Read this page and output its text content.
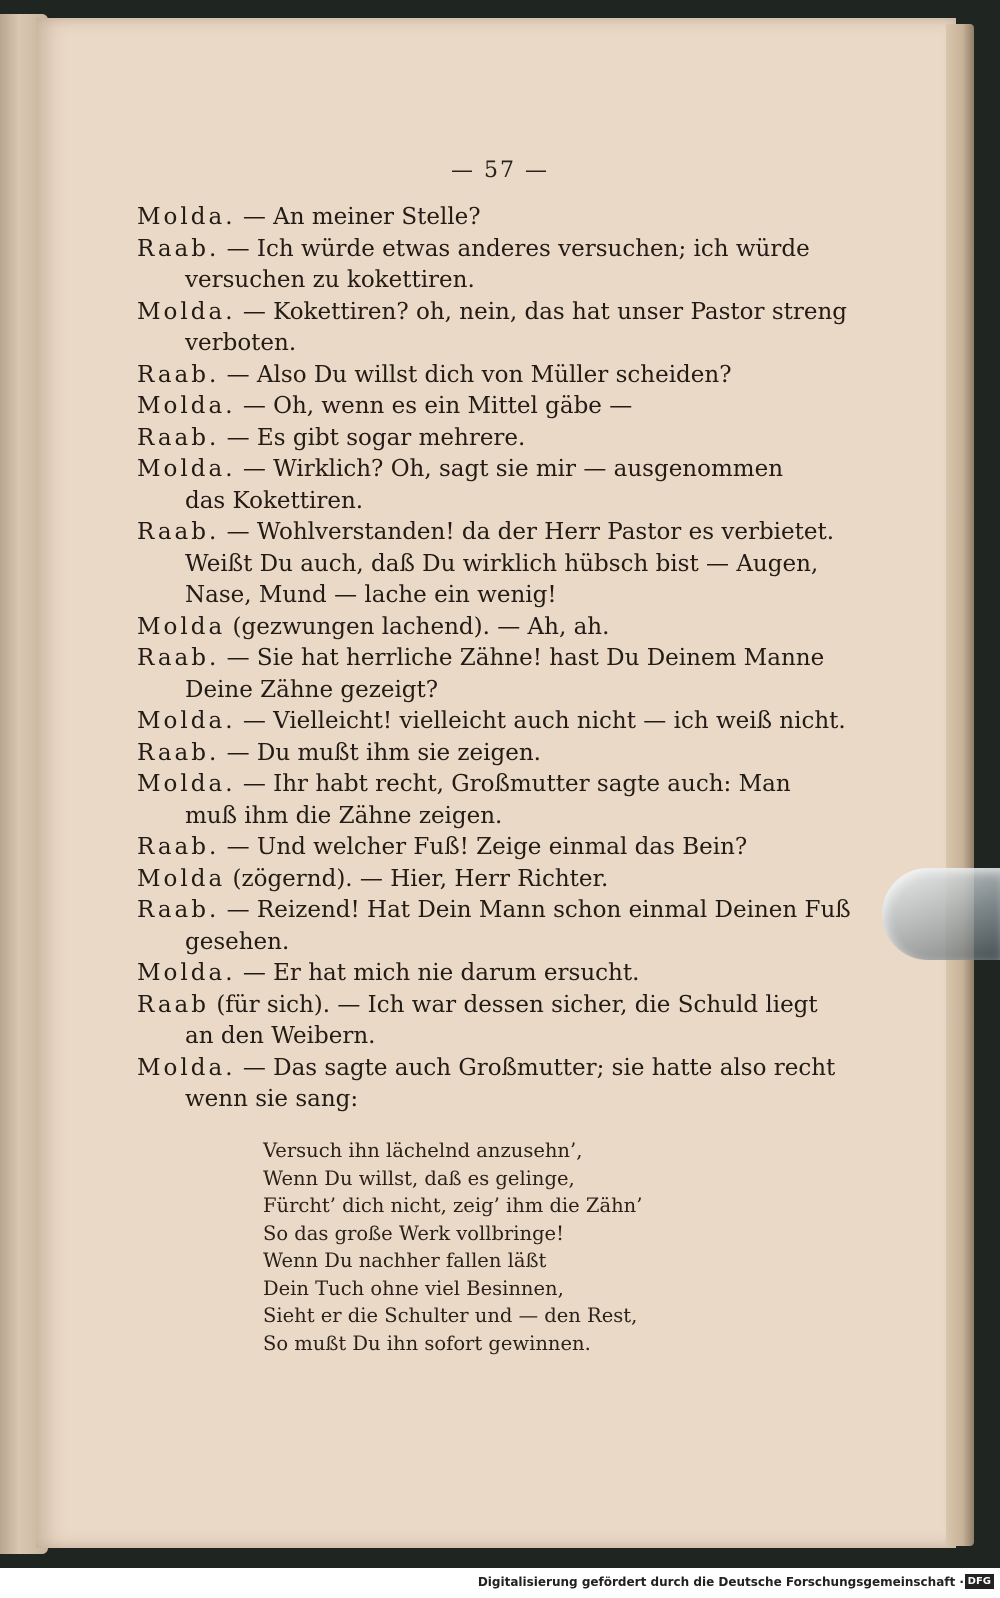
— 57 —
Molda. — An meiner Stelle?
Raab. — Ich würde etwas anderes versuchen; ich würde
versuchen zu kokettiren.
Molda. — Kokettiren? oh, nein, das hat unser Pastor streng
verboten.
Raab. — Also Du willst dich von Müller scheiden?
Molda. — Oh, wenn es ein Mittel gäbe —
Raab. — Es gibt sogar mehrere.
Molda. — Wirklich? Oh, sagt sie mir — ausgenommen
das Kokettiren.
Raab. — Wohlverstanden! da der Herr Pastor es verbietet.
Weißt Du auch, daß Du wirklich hübsch bist — Augen,
Nase, Mund — lache ein wenig!
Molda (gezwungen lachend). — Ah, ah.
Raab. — Sie hat herrliche Zähne! hast Du Deinem Manne
Deine Zähne gezeigt?
Molda. — Vielleicht! vielleicht auch nicht — ich weiß nicht.
Raab. — Du mußt ihm sie zeigen.
Molda. — Ihr habt recht, Großmutter sagte auch: Man
muß ihm die Zähne zeigen.
Raab. — Und welcher Fuß! Zeige einmal das Bein?
Molda (zögernd). — Hier, Herr Richter.
Raab. — Reizend! Hat Dein Mann schon einmal Deinen Fuß
gesehen.
Molda. — Er hat mich nie darum ersucht.
Raab (für sich). — Ich war dessen sicher, die Schuld liegt
an den Weibern.
Molda. — Das sagte auch Großmutter; sie hatte also recht
wenn sie sang:
Versuch ihn lächelnd anzusehn’,
Wenn Du willst, daß es gelinge,
Fürcht’ dich nicht, zeig’ ihm die Zähn’
So das große Werk vollbringe!
Wenn Du nachher fallen läßt
Dein Tuch ohne viel Besinnen,
Sieht er die Schulter und — den Rest,
So mußt Du ihn sofort gewinnen.
Digitalisierung gefördert durch die Deutsche Forschungsgemeinschaft · DFG
